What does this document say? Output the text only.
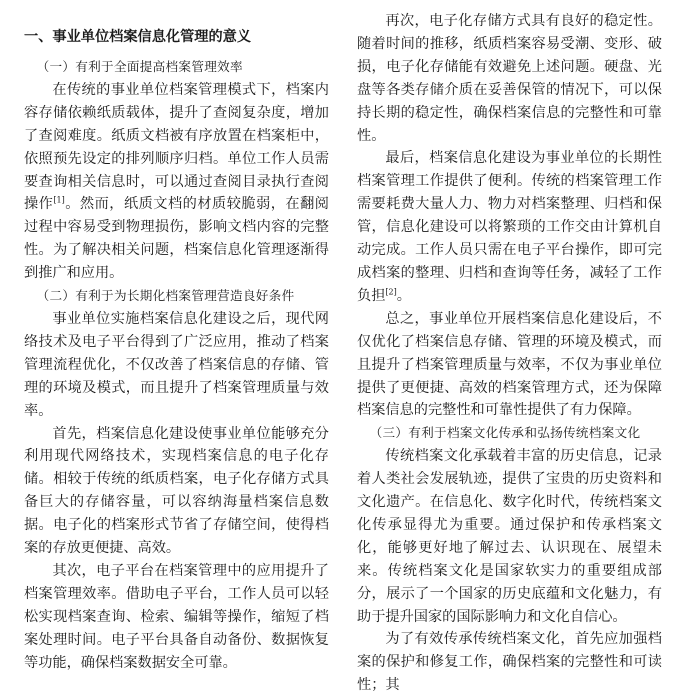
一、事业单位档案信息化管理的意义

（一）有利于全面提高档案管理效率

在传统的事业单位档案管理模式下，档案内容存储依赖纸质载体，提升了查阅复杂度，增加了查阅难度。纸质文档被有序放置在档案柜中，依照预先设定的排列顺序归档。单位工作人员需要查询相关信息时，可以通过查阅目录执行查阅操作[1]。然而，纸质文档的材质较脆弱，在翻阅过程中容易受到物理损伤，影响文档内容的完整性。为了解决相关问题，档案信息化管理逐渐得到推广和应用。

（二）有利于为长期化档案管理营造良好条件

事业单位实施档案信息化建设之后，现代网络技术及电子平台得到了广泛应用，推动了档案管理流程优化，不仅改善了档案信息的存储、管理的环境及模式，而且提升了档案管理质量与效率。

首先，档案信息化建设使事业单位能够充分利用现代网络技术，实现档案信息的电子化存储。相较于传统的纸质档案，电子化存储方式具备巨大的存储容量，可以容纳海量档案信息数据。电子化的档案形式节省了存储空间，使得档案的存放更便捷、高效。

其次，电子平台在档案管理中的应用提升了档案管理效率。借助电子平台，工作人员可以轻松实现档案查询、检索、编辑等操作，缩短了档案处理时间。电子平台具备自动备份、数据恢复等功能，确保档案数据安全可靠。

再次，电子化存储方式具有良好的稳定性。随着时间的推移，纸质档案容易受潮、变形、破损，电子化存储能有效避免上述问题。硬盘、光盘等各类存储介质在妥善保管的情况下，可以保持长期的稳定性，确保档案信息的完整性和可靠性。

最后，档案信息化建设为事业单位的长期性档案管理工作提供了便利。传统的档案管理工作需要耗费大量人力、物力对档案整理、归档和保管，信息化建设可以将繁琐的工作交由计算机自动完成。工作人员只需在电子平台操作，即可完成档案的整理、归档和查询等任务，减轻了工作负担[2]。

总之，事业单位开展档案信息化建设后，不仅优化了档案信息存储、管理的环境及模式，而且提升了档案管理质量与效率，不仅为事业单位提供了更便捷、高效的档案管理方式，还为保障档案信息的完整性和可靠性提供了有力保障。

（三）有利于档案文化传承和弘扬传统档案文化

传统档案文化承载着丰富的历史信息，记录着人类社会发展轨迹，提供了宝贵的历史资料和文化遗产。在信息化、数字化时代，传统档案文化传承显得尤为重要。通过保护和传承档案文化，能够更好地了解过去、认识现在、展望未来。传统档案文化是国家软实力的重要组成部分，展示了一个国家的历史底蕴和文化魅力，有助于提升国家的国际影响力和文化自信心。

为了有效传承传统档案文化，首先应加强档案的保护和修复工作，确保档案的完整性和可读性；其
